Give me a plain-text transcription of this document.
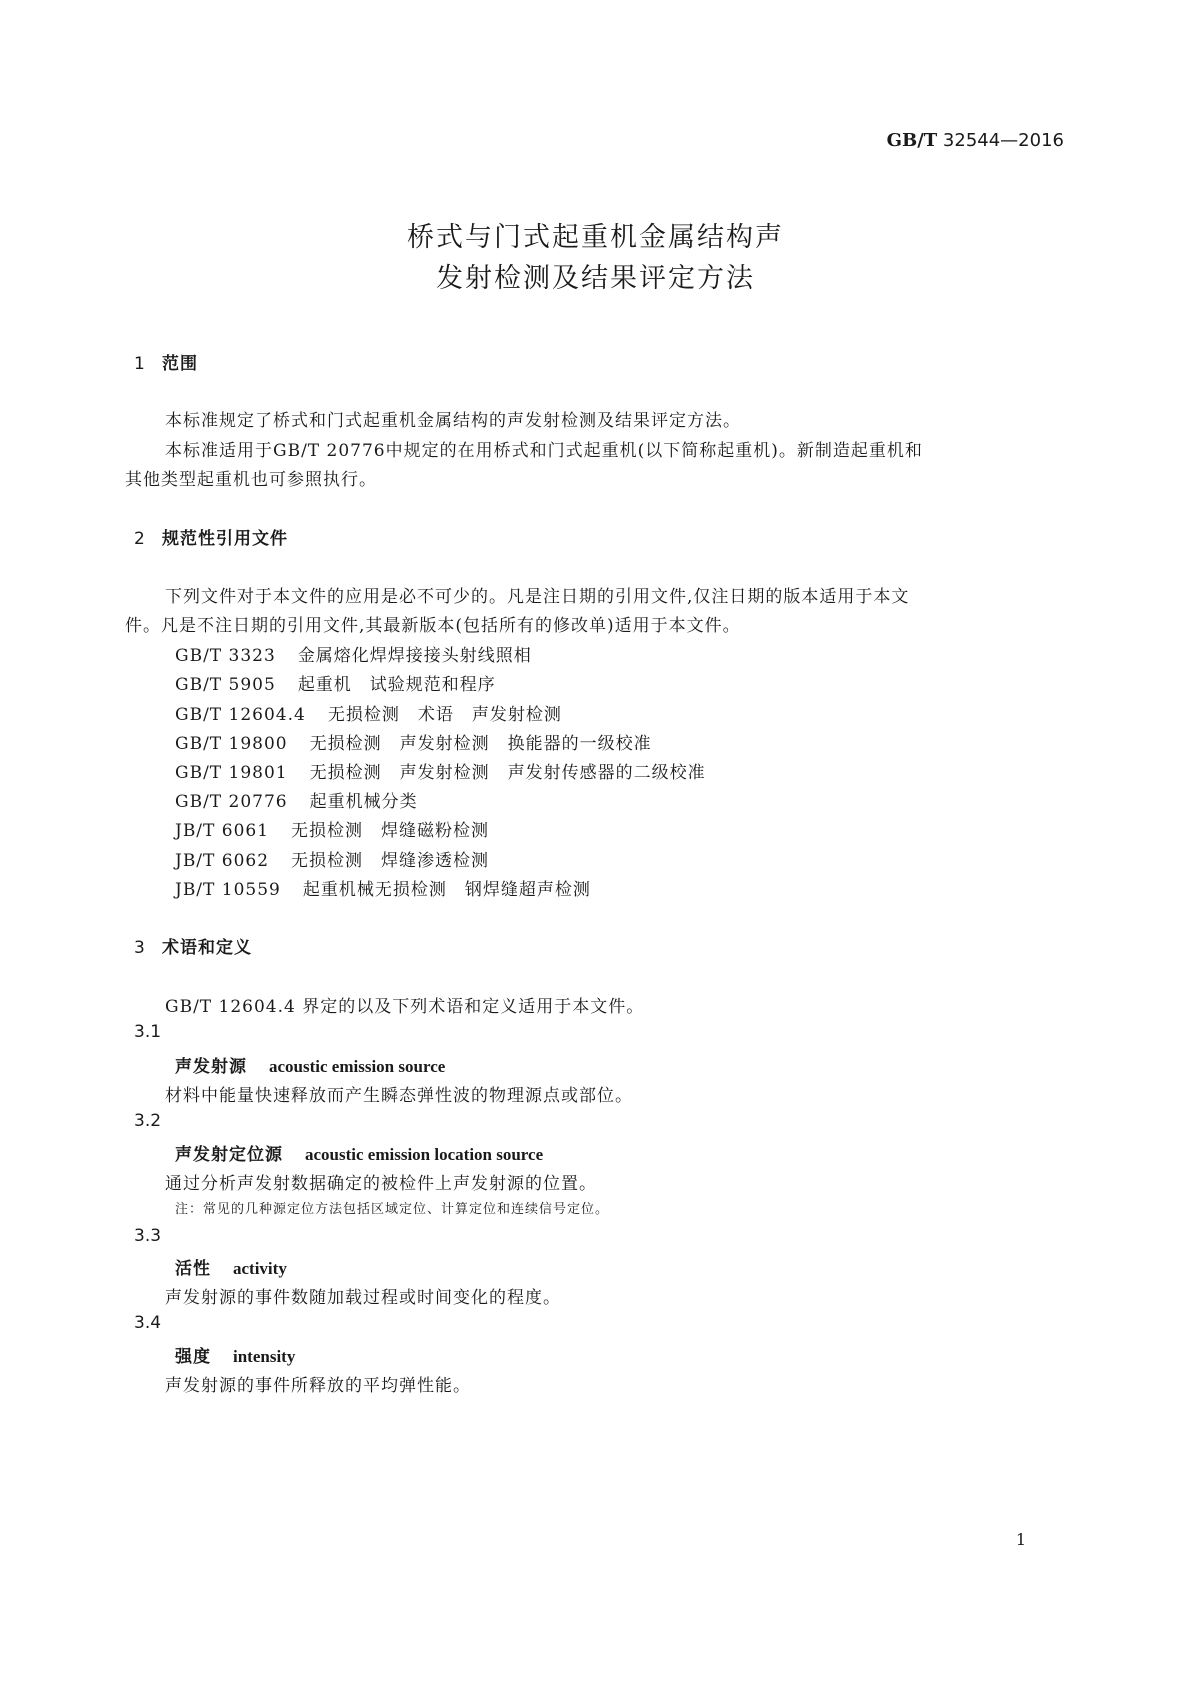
GB/T 32544—2016
桥式与门式起重机金属结构声
发射检测及结果评定方法
1 范围
本标准规定了桥式和门式起重机金属结构的声发射检测及结果评定方法。
本标准适用于GB/T 20776中规定的在用桥式和门式起重机(以下简称起重机)。新制造起重机和
其他类型起重机也可参照执行。
2 规范性引用文件
下列文件对于本文件的应用是必不可少的。凡是注日期的引用文件,仅注日期的版本适用于本文
件。凡是不注日期的引用文件,其最新版本(包括所有的修改单)适用于本文件。
GB/T 3323 金属熔化焊焊接接头射线照相
GB/T 5905 起重机　试验规范和程序
GB/T 12604.4 无损检测　术语　声发射检测
GB/T 19800 无损检测　声发射检测　换能器的一级校准
GB/T 19801 无损检测　声发射检测　声发射传感器的二级校准
GB/T 20776 起重机械分类
JB/T 6061 无损检测　焊缝磁粉检测
JB/T 6062 无损检测　焊缝渗透检测
JB/T 10559 起重机械无损检测　钢焊缝超声检测
3 术语和定义
GB/T 12604.4 界定的以及下列术语和定义适用于本文件。
3.1
声发射源 acoustic emission source
材料中能量快速释放而产生瞬态弹性波的物理源点或部位。
3.2
声发射定位源 acoustic emission location source
通过分析声发射数据确定的被检件上声发射源的位置。
注：常见的几种源定位方法包括区域定位、计算定位和连续信号定位。
3.3
活性 activity
声发射源的事件数随加载过程或时间变化的程度。
3.4
强度 intensity
声发射源的事件所释放的平均弹性能。
1
